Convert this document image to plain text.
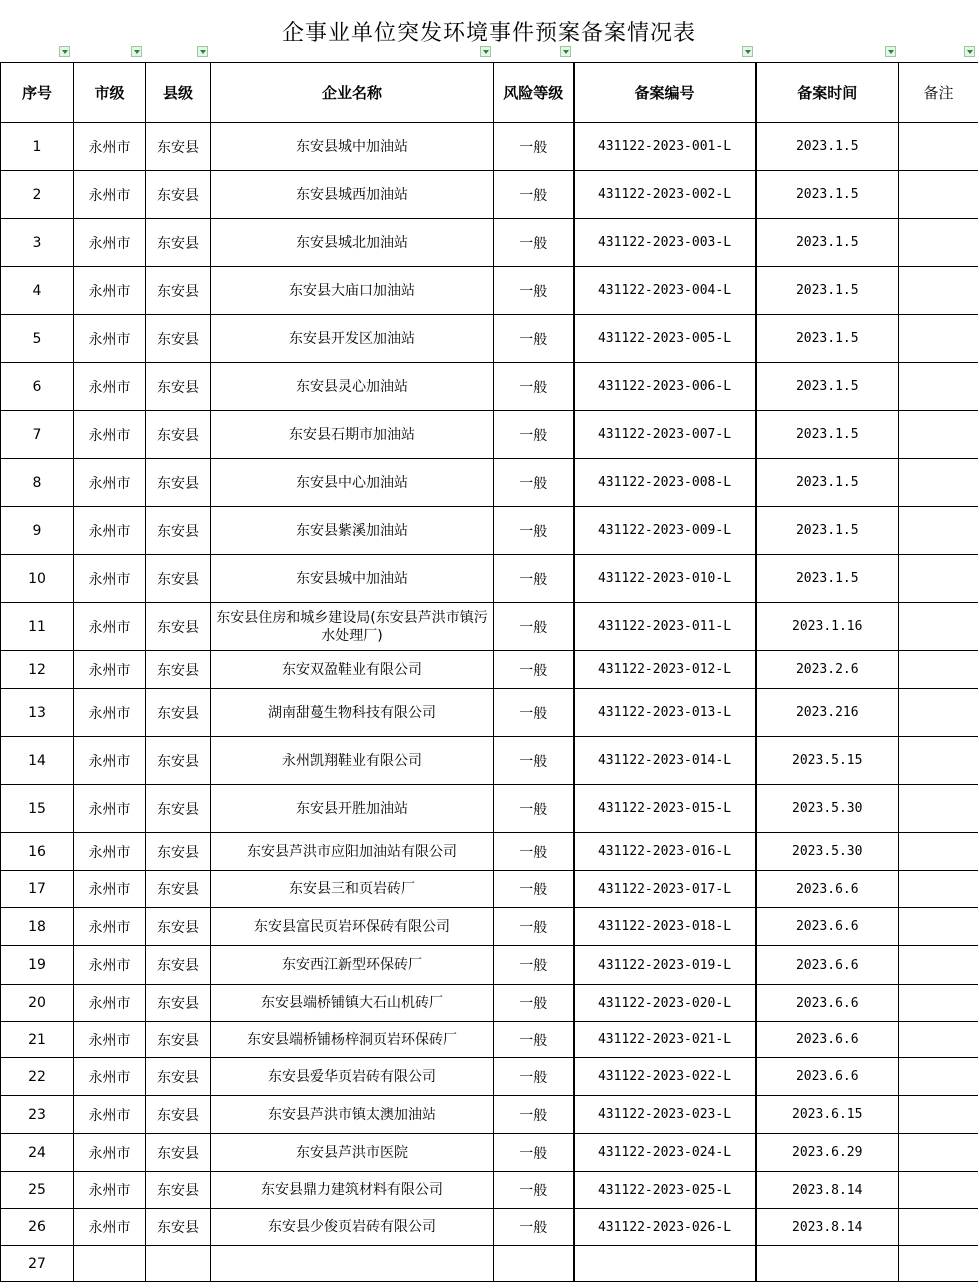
企事业单位突发环境事件预案备案情况表
序号	市级	县级	企业名称	风险等级	备案编号	备案时间	备注
1	永州市	东安县	东安县城中加油站	一般	431122-2023-001-L	2023.1.5	
2	永州市	东安县	东安县城西加油站	一般	431122-2023-002-L	2023.1.5	
3	永州市	东安县	东安县城北加油站	一般	431122-2023-003-L	2023.1.5	
4	永州市	东安县	东安县大庙口加油站	一般	431122-2023-004-L	2023.1.5	
5	永州市	东安县	东安县开发区加油站	一般	431122-2023-005-L	2023.1.5	
6	永州市	东安县	东安县灵心加油站	一般	431122-2023-006-L	2023.1.5	
7	永州市	东安县	东安县石期市加油站	一般	431122-2023-007-L	2023.1.5	
8	永州市	东安县	东安县中心加油站	一般	431122-2023-008-L	2023.1.5	
9	永州市	东安县	东安县紫溪加油站	一般	431122-2023-009-L	2023.1.5	
10	永州市	东安县	东安县城中加油站	一般	431122-2023-010-L	2023.1.5	
11	永州市	东安县	东安县住房和城乡建设局(东安县芦洪市镇污水处理厂)	一般	431122-2023-011-L	2023.1.16	
12	永州市	东安县	东安双盈鞋业有限公司	一般	431122-2023-012-L	2023.2.6	
13	永州市	东安县	湖南甜蔓生物科技有限公司	一般	431122-2023-013-L	2023.216	
14	永州市	东安县	永州凯翔鞋业有限公司	一般	431122-2023-014-L	2023.5.15	
15	永州市	东安县	东安县开胜加油站	一般	431122-2023-015-L	2023.5.30	
16	永州市	东安县	东安县芦洪市应阳加油站有限公司	一般	431122-2023-016-L	2023.5.30	
17	永州市	东安县	东安县三和页岩砖厂	一般	431122-2023-017-L	2023.6.6	
18	永州市	东安县	东安县富民页岩环保砖有限公司	一般	431122-2023-018-L	2023.6.6	
19	永州市	东安县	东安西江新型环保砖厂	一般	431122-2023-019-L	2023.6.6	
20	永州市	东安县	东安县端桥铺镇大石山机砖厂	一般	431122-2023-020-L	2023.6.6	
21	永州市	东安县	东安县端桥铺杨梓洞页岩环保砖厂	一般	431122-2023-021-L	2023.6.6	
22	永州市	东安县	东安县爱华页岩砖有限公司	一般	431122-2023-022-L	2023.6.6	
23	永州市	东安县	东安县芦洪市镇太澳加油站	一般	431122-2023-023-L	2023.6.15	
24	永州市	东安县	东安县芦洪市医院	一般	431122-2023-024-L	2023.6.29	
25	永州市	东安县	东安县鼎力建筑材料有限公司	一般	431122-2023-025-L	2023.8.14	
26	永州市	东安县	东安县少俊页岩砖有限公司	一般	431122-2023-026-L	2023.8.14	
27							
